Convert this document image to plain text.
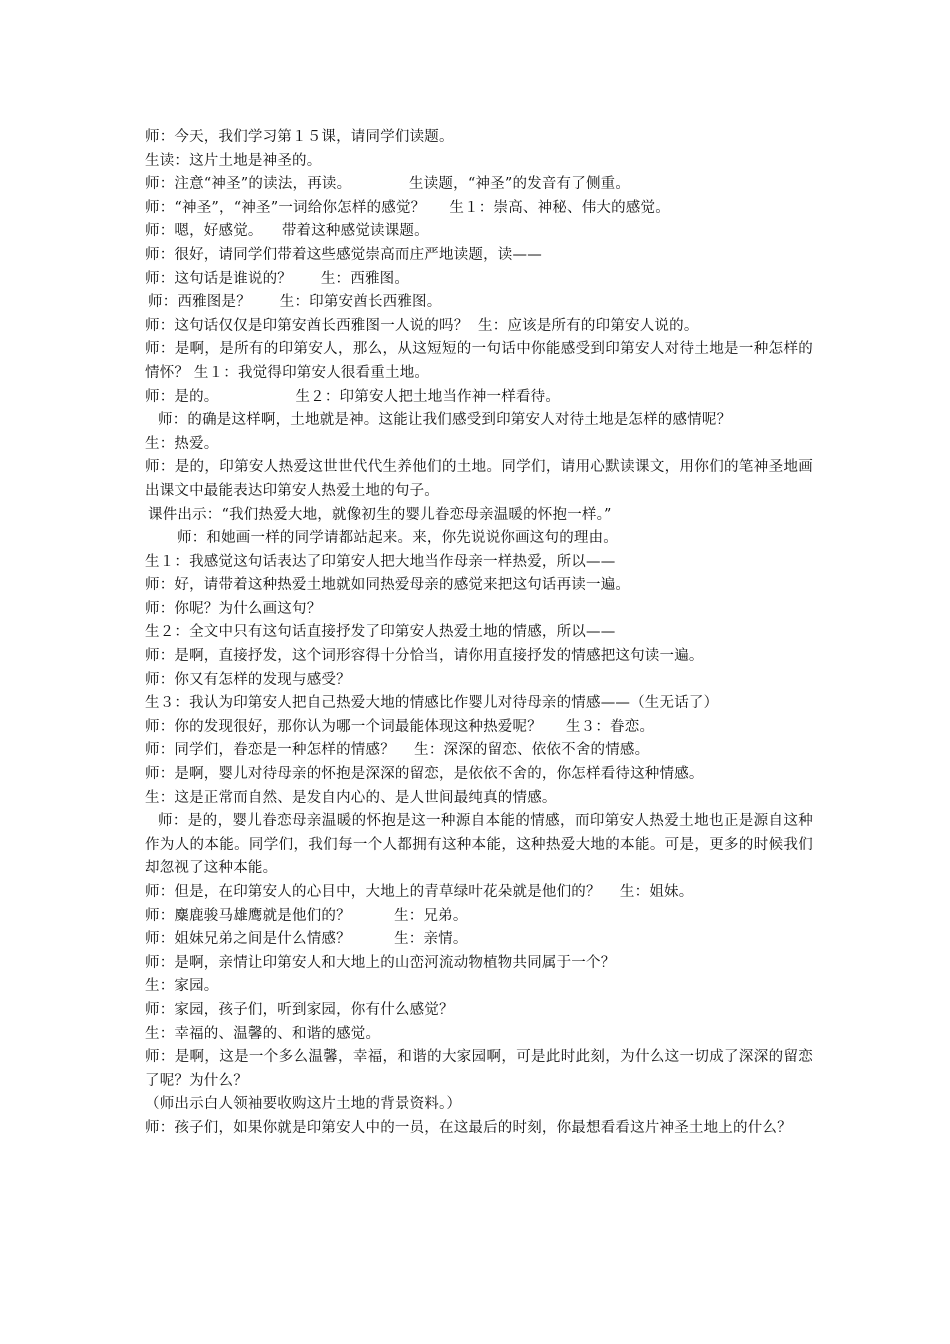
师：今天，我们学习第１５课，请同学们读题。
生读：这片土地是神圣的。
师：注意“神圣”的读法，再读。            生读题，“神圣”的发音有了侧重。
师：“神圣”，“神圣”一词给你怎样的感觉？     生１：崇高、神秘、伟大的感觉。
师：嗯，好感觉。    带着这种感觉读课题。
师：很好，请同学们带着这些感觉崇高而庄严地读题，读——
师：这句话是谁说的？      生：西雅图。
师：西雅图是？      生：印第安酋长西雅图。
师：这句话仅仅是印第安酋长西雅图一人说的吗？  生：应该是所有的印第安人说的。
师：是啊，是所有的印第安人，那么，从这短短的一句话中你能感受到印第安人对待土地是一种怎样的情怀？ 生１：我觉得印第安人很看重土地。
师：是的。                生２：印第安人把土地当作神一样看待。
师：的确是这样啊，土地就是神。这能让我们感受到印第安人对待土地是怎样的感情呢？
生：热爱。
师：是的，印第安人热爱这世世代代生养他们的土地。同学们，请用心默读课文，用你们的笔神圣地画出课文中最能表达印第安人热爱土地的句子。
课件出示：“我们热爱大地，就像初生的婴儿眷恋母亲温暖的怀抱一样。”
师：和她画一样的同学请都站起来。来，你先说说你画这句的理由。
生１：我感觉这句话表达了印第安人把大地当作母亲一样热爱，所以——
师：好，请带着这种热爱土地就如同热爱母亲的感觉来把这句话再读一遍。
师：你呢？为什么画这句？
生２：全文中只有这句话直接抒发了印第安人热爱土地的情感，所以——
师：是啊，直接抒发，这个词形容得十分恰当，请你用直接抒发的情感把这句读一遍。
师：你又有怎样的发现与感受？
生３：我认为印第安人把自己热爱大地的情感比作婴儿对待母亲的情感——（生无话了）
师：你的发现很好，那你认为哪一个词最能体现这种热爱呢？     生３：眷恋。
师：同学们，眷恋是一种怎样的情感？    生：深深的留恋、依依不舍的情感。
师：是啊，婴儿对待母亲的怀抱是深深的留恋，是依依不舍的，你怎样看待这种情感。
生：这是正常而自然、是发自内心的、是人世间最纯真的情感。
师：是的，婴儿眷恋母亲温暖的怀抱是这一种源自本能的情感，而印第安人热爱土地也正是源自这种作为人的本能。同学们，我们每一个人都拥有这种本能，这种热爱大地的本能。可是，更多的时候我们却忽视了这种本能。
师：但是，在印第安人的心目中，大地上的青草绿叶花朵就是他们的？    生：姐妹。
师：麋鹿骏马雄鹰就是他们的？         生：兄弟。
师：姐妹兄弟之间是什么情感？         生：亲情。
师：是啊，亲情让印第安人和大地上的山峦河流动物植物共同属于一个？
生：家园。
师：家园，孩子们，听到家园，你有什么感觉？
生：幸福的、温馨的、和谐的感觉。
师：是啊，这是一个多么温馨，幸福，和谐的大家园啊，可是此时此刻，为什么这一切成了深深的留恋了呢？为什么？
（师出示白人领袖要收购这片土地的背景资料。）
师：孩子们，如果你就是印第安人中的一员，在这最后的时刻，你最想看看这片神圣土地上的什么？
